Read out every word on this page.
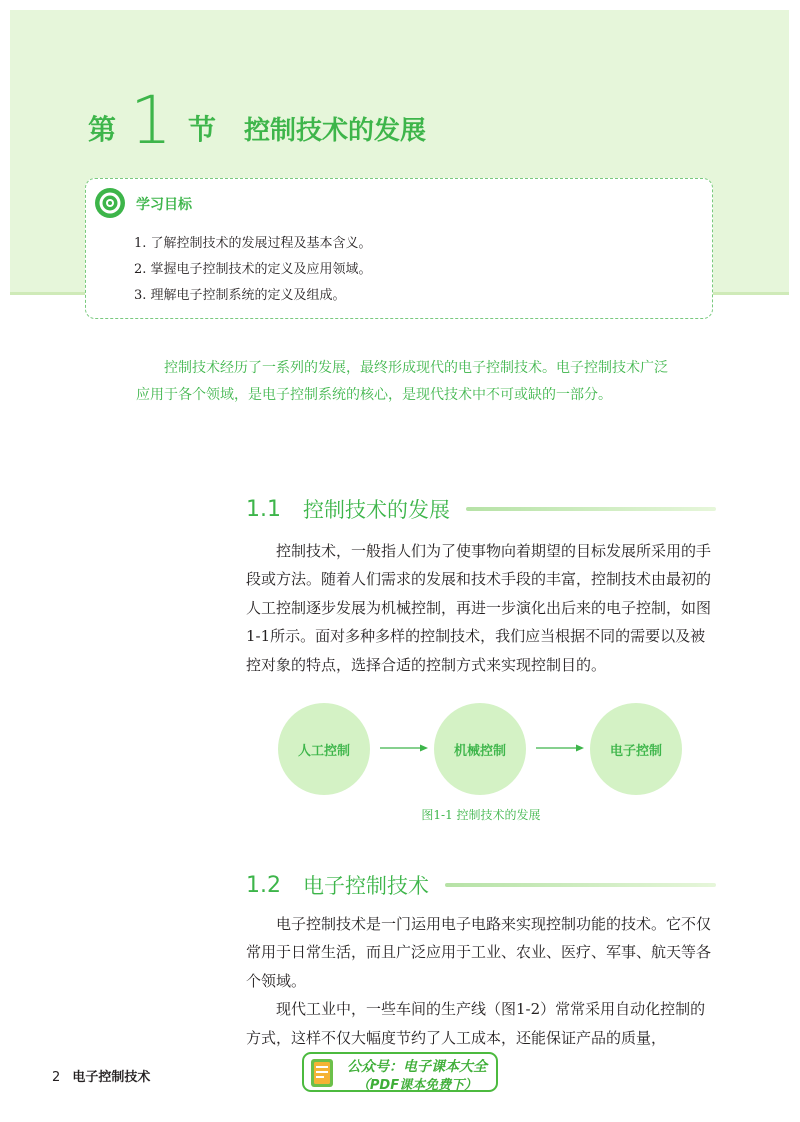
第 1 节 控制技术的发展
学习目标
1. 了解控制技术的发展过程及基本含义。
2. 掌握电子控制技术的定义及应用领域。
3. 理解电子控制系统的定义及组成。
控制技术经历了一系列的发展，最终形成现代的电子控制技术。电子控制技术广泛应用于各个领域，是电子控制系统的核心，是现代技术中不可或缺的一部分。
1.1 控制技术的发展

控制技术，一般指人们为了使事物向着期望的目标发展所采用的手段或方法。随着人们需求的发展和技术手段的丰富，控制技术由最初的人工控制逐步发展为机械控制，再进一步演化出后来的电子控制，如图1-1所示。面对多种多样的控制技术，我们应当根据不同的需要以及被控对象的特点，选择合适的控制方式来实现控制目的。

人工控制	机械控制	电子控制
图1-1 控制技术的发展
1.2 电子控制技术

电子控制技术是一门运用电子电路来实现控制功能的技术。它不仅常用于日常生活，而且广泛应用于工业、农业、医疗、军事、航天等各个领域。

现代工业中，一些车间的生产线（图1-2）常常采用自动化控制的方式，这样不仅大幅度节约了人工成本，还能保证产品的质量，

2 电子控制技术
公众号：电子课本大全
（PDF课本免费下）
